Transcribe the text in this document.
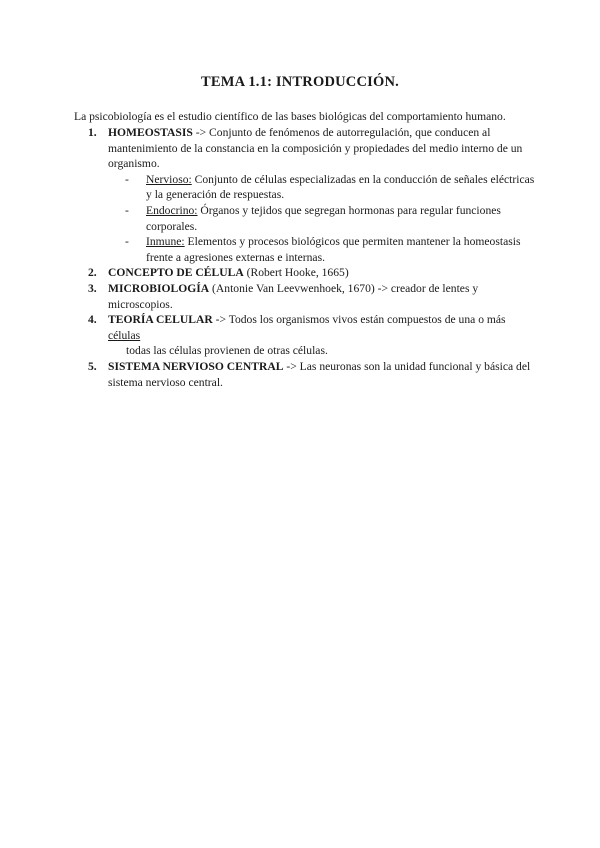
TEMA 1.1: INTRODUCCIÓN.
La psicobiología es el estudio científico de las bases biológicas del comportamiento humano.
1. HOMEOSTASIS -> Conjunto de fenómenos de autorregulación, que conducen al mantenimiento de la constancia en la composición y propiedades del medio interno de un organismo.
- Nervioso: Conjunto de células especializadas en la conducción de señales eléctricas y la generación de respuestas.
- Endocrino: Órganos y tejidos que segregan hormonas para regular funciones corporales.
- Inmune: Elementos y procesos biológicos que permiten mantener la homeostasis frente a agresiones externas e internas.
2. CONCEPTO DE CÉLULA (Robert Hooke, 1665)
3. MICROBIOLOGÍA (Antonie Van Leevwenhoek, 1670) -> creador de lentes y microscopios.
4. TEORÍA CELULAR -> Todos los organismos vivos están compuestos de una o más células
todas las células provienen de otras células.
5. SISTEMA NERVIOSO CENTRAL -> Las neuronas son la unidad funcional y básica del sistema nervioso central.
